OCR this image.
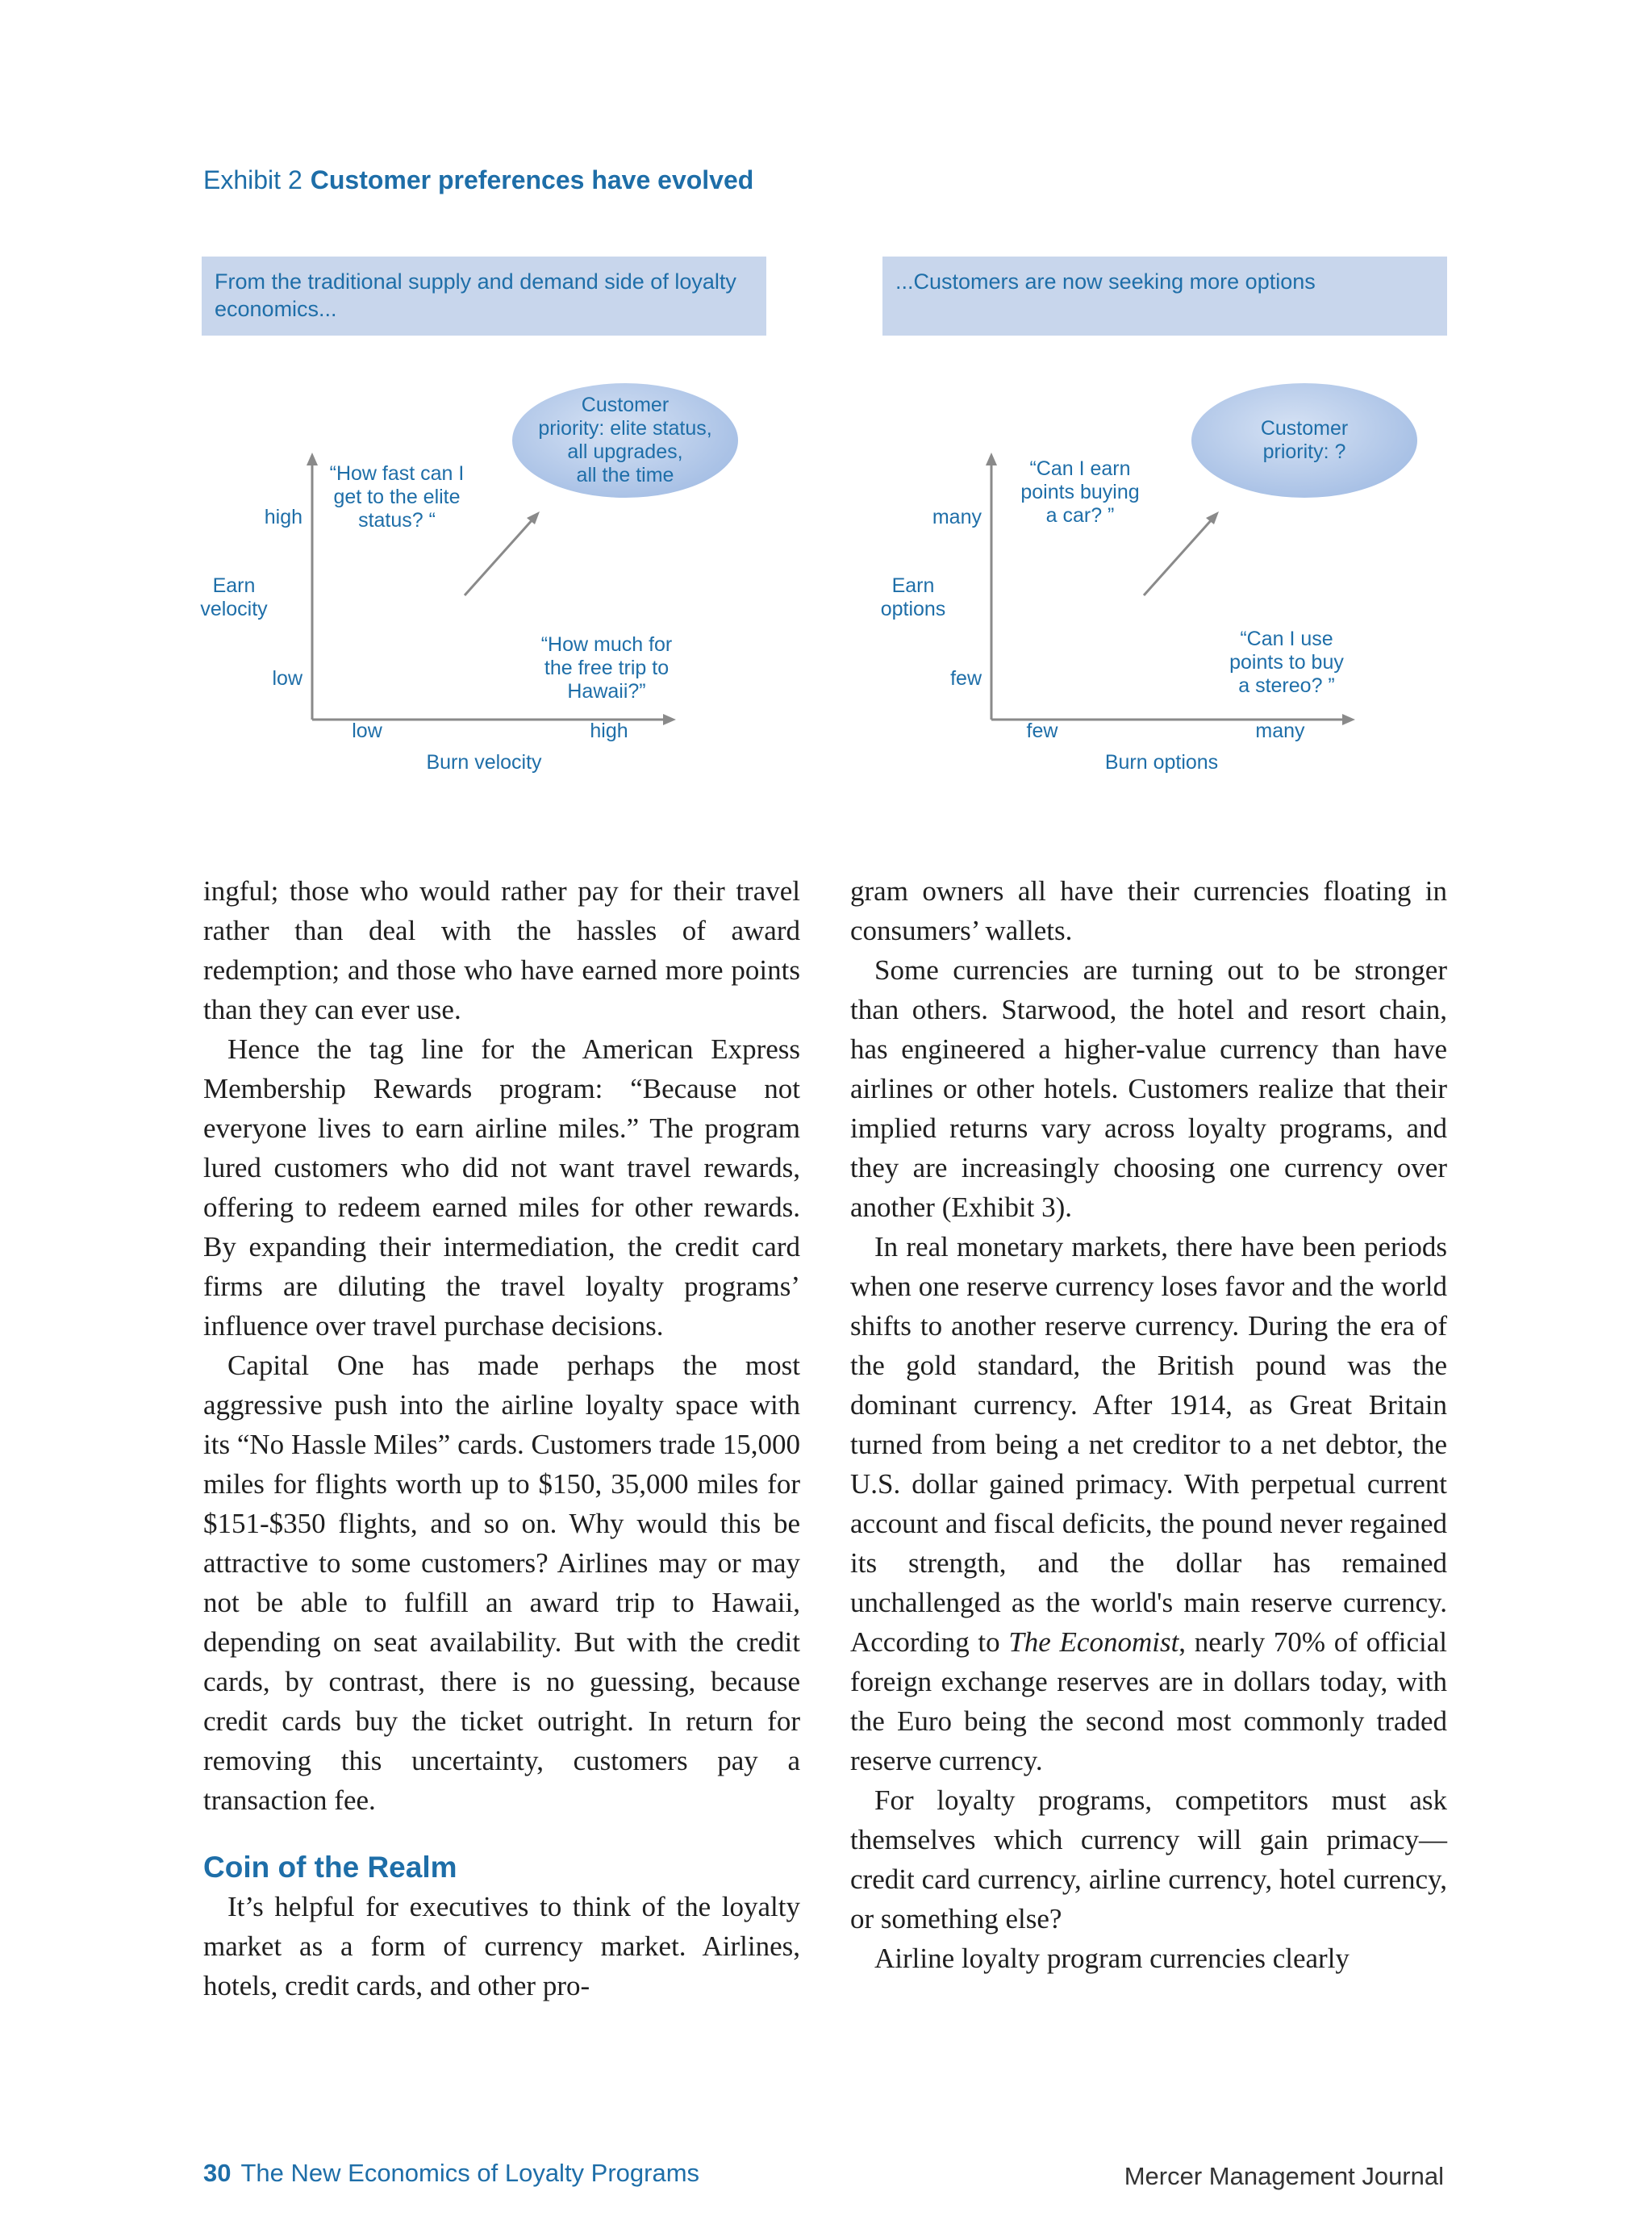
Exhibit 2 Customer preferences have evolved
From the traditional supply and demand side of loyalty economics...
...Customers are now seeking more options
Customer
priority: elite status,
all upgrades,
all the time
“How fast can I
get to the elite
status? “
“How much for
the free trip to
Hawaii?”
high
Earn
velocity
low
low	high
Burn velocity
Customer
priority: ?
“Can I earn
points buying
a car? ”
“Can I use
points to buy
a stereo? ”
many
Earn
options
few
few	many
Burn options

ingful; those who would rather pay for their travel rather than deal with the hassles of award redemption; and those who have earned more points than they can ever use.

Hence the tag line for the American Express Membership Rewards program: “Because not everyone lives to earn airline miles.” The program lured customers who did not want travel rewards, offering to redeem earned miles for other rewards. By expanding their intermediation, the credit card firms are diluting the travel loyalty programs’ influence over travel purchase decisions.

Capital One has made perhaps the most aggressive push into the airline loyalty space with its “No Hassle Miles” cards. Customers trade 15,000 miles for flights worth up to $150, 35,000 miles for $151-$350 flights, and so on. Why would this be attractive to some customers? Airlines may or may not be able to fulfill an award trip to Hawaii, depending on seat availability. But with the credit cards, by contrast, there is no guessing, because credit cards buy the ticket outright. In return for removing this uncertainty, customers pay a transaction fee.

Coin of the Realm

It’s helpful for executives to think of the loyalty market as a form of currency market. Airlines, hotels, credit cards, and other pro-

gram owners all have their currencies floating in consumers’ wallets.

Some currencies are turning out to be stronger than others. Starwood, the hotel and resort chain, has engineered a higher-value currency than have airlines or other hotels. Customers realize that their implied returns vary across loyalty programs, and they are increasingly choosing one currency over another (Exhibit 3).

In real monetary markets, there have been periods when one reserve currency loses favor and the world shifts to another reserve currency. During the era of the gold standard, the British pound was the dominant currency. After 1914, as Great Britain turned from being a net creditor to a net debtor, the U.S. dollar gained primacy. With perpetual current account and fiscal deficits, the pound never regained its strength, and the dollar has remained unchallenged as the world's main reserve currency. According to The Economist, nearly 70% of official foreign exchange reserves are in dollars today, with the Euro being the second most commonly traded reserve currency.

For loyalty programs, competitors must ask themselves which currency will gain primacy—credit card currency, airline currency, hotel currency, or something else?

Airline loyalty program currencies clearly

30 The New Economics of Loyalty Programs	Mercer Management Journal
